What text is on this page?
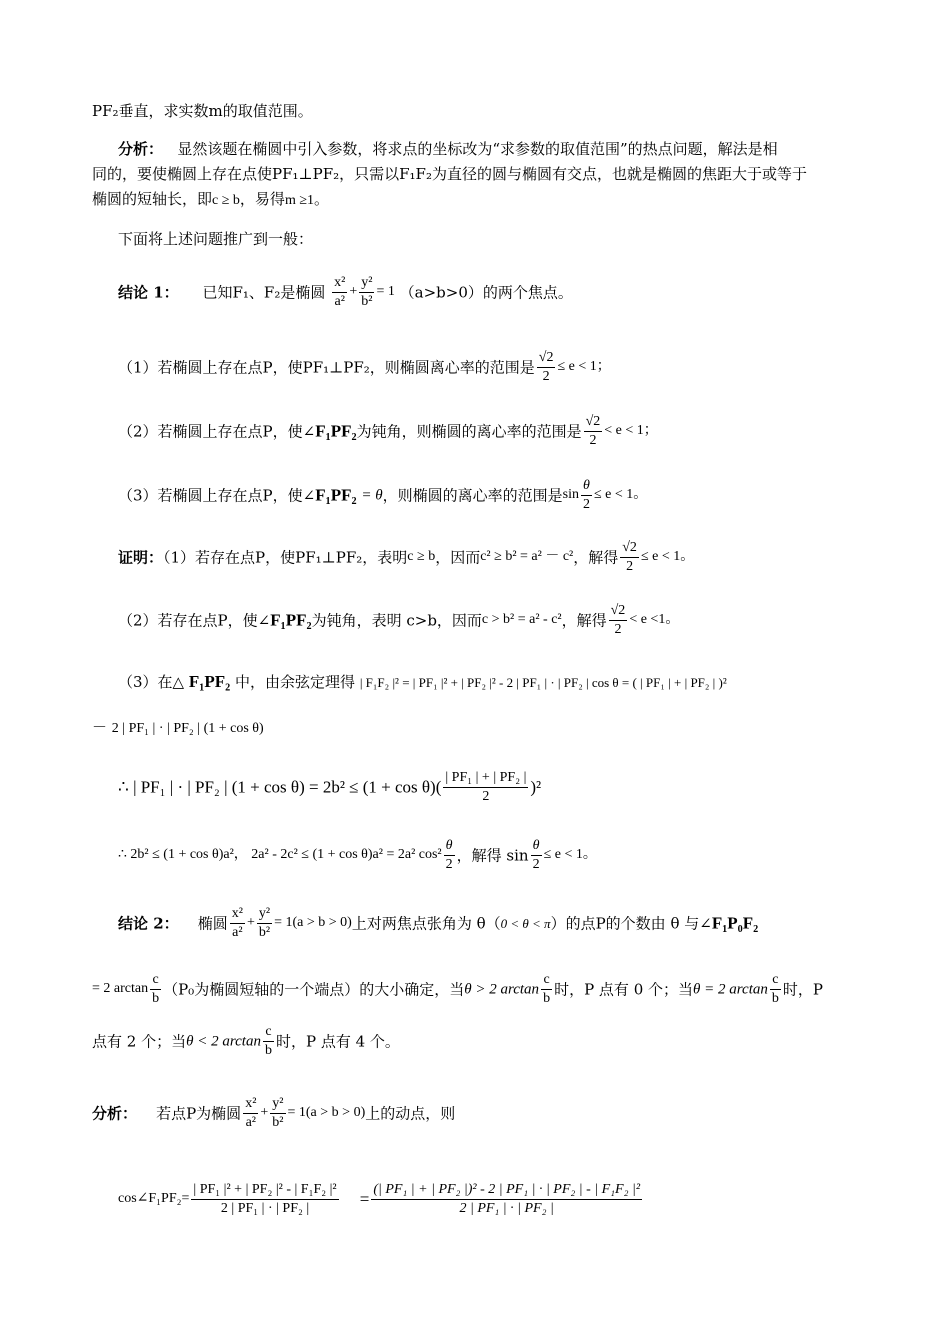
PF₂垂直，求实数m的取值范围。
分析： 显然该题在椭圆中引入参数，将求点的坐标改为“求参数的取值范围”的热点问题，解法是相
同的，要使椭圆上存在点使PF₁⊥PF₂，只需以F₁F₂为直径的圆与椭圆有交点，也就是椭圆的焦距大于或等于
椭圆的短轴长，即c ≥ b，易得m ≥1。
下面将上述问题推广到一般：
结论 1： 已知F₁、F₂是椭圆 $\frac{\text{x²}}{\text{a²}} + \frac{\text{y²}}{\text{b²}} = 1$ （a>b>0）的两个焦点。
（1）若椭圆上存在点P，使PF₁⊥PF₂，则椭圆离心率的范围是 $\frac{√2}{2} \le e < 1$；
（2）若椭圆上存在点P，使∠F₁PF₂为钝角，则椭圆的离心率的范围是 $\frac{√2}{2} < e < 1$；
（3）若椭圆上存在点P，使∠F₁PF₂ = θ，则椭圆的离心率的范围是$\sin \frac{\theta}{2} \le e < 1$。
证明：（1）若存在点P，使PF₁⊥PF₂，表明c ≥ b，因而c² ≥ b² = a² － c²，解得 $\frac{√2}{2} \le e < 1$。
（2）若存在点P，使∠F₁PF₂为钝角，表明 c>b，因而c > b² = a² - c²，解得 $\frac{√2}{2} < e <1$。
（3）在△ F₁PF₂ 中，由余弦定理得 | F₁F₂ |² = | PF₁ |² + | PF₂ |² - 2 | PF₁ | · | PF₂ | cos θ = ( | PF₁ | + | PF₂ | )²
－ 2 | PF₁ | · | PF₂ | (1 + cos θ)
∴ | PF₁ | · | PF₂ | $(1 + \cos \theta) = 2b^2 \le (1 + \cos \theta)( \frac{\text{| PF₁ | + | PF₂ |}}{2} )^2$
∴ 2b² ≤ (1 + cos θ)a²， 2a² - 2c² ≤ (1 + cos θ)a² = 2a² $\cos^2 \frac{\theta}{2}$ ，解得 $\sin \frac{\theta}{2} \le e < 1$。
结论 2： 椭圆 $\frac{\text{x²}}{\text{a²}} + \frac{\text{y²}}{\text{b²}} = 1(a > b > 0)$上对两焦点张角为 θ（0 < θ < π）的点P的个数由 θ 与∠F₁P₀F₂
= 2 $\arctan \frac{c}{b} (P_0$为椭圆短轴的一个端点）的大小确定，当θ > 2 $\arctan \frac{c}{b}$ 时，P 点有 0 个；当θ = 2 $\arctan \frac{c}{b}$ 时，P
点有 2 个；当θ < 2 $\arctan \frac{c}{b}$ 时，P 点有 4 个。
分析： 若点P为椭圆 $\frac{\text{x²}}{\text{a²}} + \frac{\text{y²}}{\text{b²}} = 1(a > b > 0)$上的动点，则
cos∠F₁PF₂= $\frac{\text{| PF₁ |² + | PF₂ |² - | F₁F₂ |²}}{\text{2 | PF₁ | · | PF₂ |}} = \frac{\text{(| PF₁ | + | PF₂ |)² - 2 | PF₁ | · | PF₂ | - | F₁F₂ |²}}{\text{2 | PF₁ | · | PF₂ |}}$
